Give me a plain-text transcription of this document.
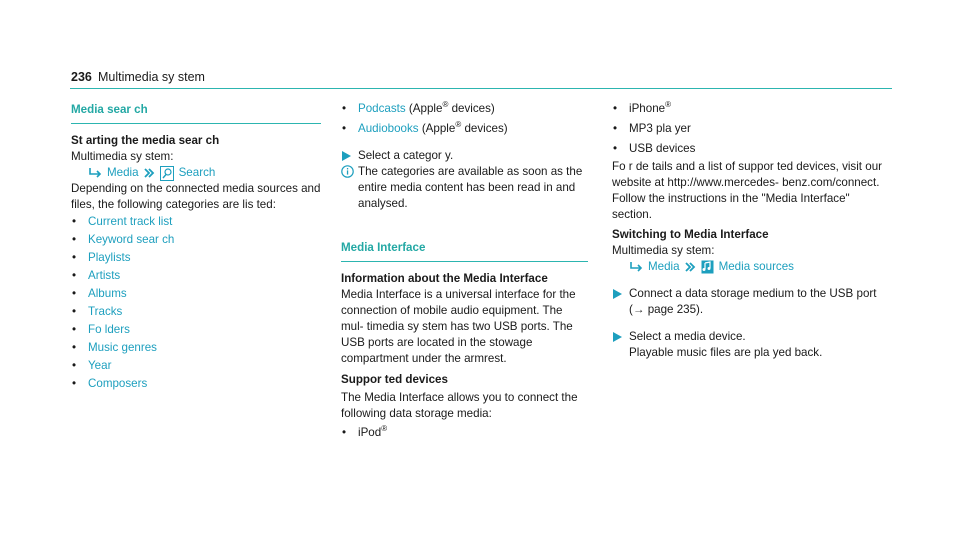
236 Multimedia sy stem
Media sear ch
St arting the media sear ch
Multimedia sy stem:
Media	Search
Depending on the connected media sources and files, the following categories are lis ted:
• Current track list
• Keyword sear ch
• Playlists
• Artists
• Albums
• Tracks
• Fo lders
• Music genres
• Year
• Composers
• Podcasts (Apple® devices)
• Audiobooks (Apple® devices)
Select a categor y.
The categories are available as soon as the entire media content has been read in and analysed.
Media Interface
Information about the Media Interface
Media Interface is a universal interface for the connection of mobile audio equipment. The mul‐ timedia sy stem has two USB ports. The USB ports are located in the stowage compartment under the armrest.
Suppor ted devices
The Media Interface allows you to connect the following data storage media:
• iPod®
• iPhone®
• MP3 pla yer
• USB devices
Fo r de tails and a list of suppor ted devices, visit our website at http://www.mercedes- benz.com/connect. Follow the instructions in the "Media Interface" section.
Switching to Media Interface
Multimedia sy stem:
Media	Media sources
Connect a data storage medium to the USB port (→ page 235).
Select a media device.
Playable music files are pla yed back.
